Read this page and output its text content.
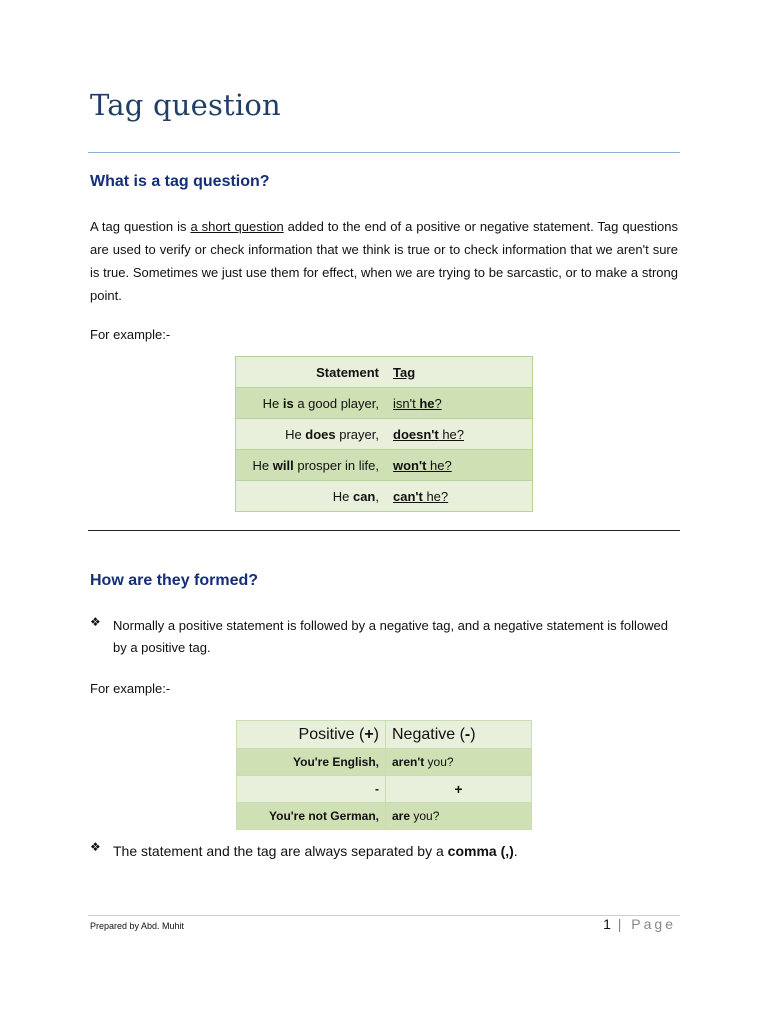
Tag question
What is a tag question?
A tag question is a short question added to the end of a positive or negative statement. Tag questions are used to verify or check information that we think is true or to check information that we aren't sure is true. Sometimes we just use them for effect, when we are trying to be sarcastic, or to make a strong point.
For example:-
Statement	Tag
He is a good player,	isn't he?
He does prayer,	doesn't he?
He will prosper in life,	won't he?
He can,	can't he?
How are they formed?
❖ Normally a positive statement is followed by a negative tag, and a negative statement is followed by a positive tag.
For example:-
Positive (+)	Negative (-)
You're English,	aren't you?
-	+
You're not German,	are you?
❖ The statement and the tag are always separated by a comma (,).
Prepared by Abd. Muhit	1 | Page
